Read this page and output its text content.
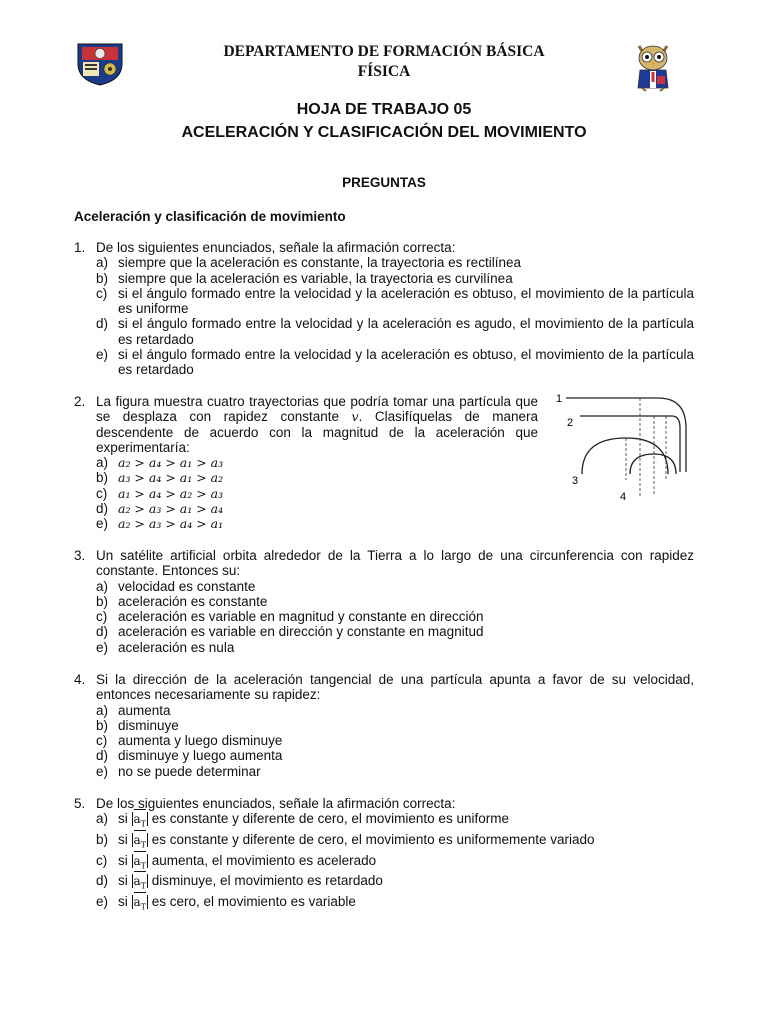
DEPARTAMENTO DE FORMACIÓN BÁSICA
FÍSICA
HOJA DE TRABAJO 05
ACELERACIÓN Y CLASIFICACIÓN DEL MOVIMIENTO
PREGUNTAS
Aceleración y clasificación de movimiento
1. De los siguientes enunciados, señale la afirmación correcta:
a) siempre que la aceleración es constante, la trayectoria es rectilínea
b) siempre que la aceleración es variable, la trayectoria es curvilínea
c) si el ángulo formado entre la velocidad y la aceleración es obtuso, el movimiento de la partícula es uniforme
d) si el ángulo formado entre la velocidad y la aceleración es agudo, el movimiento de la partícula es retardado
e) si el ángulo formado entre la velocidad y la aceleración es obtuso, el movimiento de la partícula es retardado
2. La figura muestra cuatro trayectorias que podría tomar una partícula que se desplaza con rapidez constante v. Clasifíquelas de manera descendente de acuerdo con la magnitud de la aceleración que experimentaría:
a) a₂ > a₄ > a₁ > a₃
b) a₃ > a₄ > a₁ > a₂
c) a₁ > a₄ > a₂ > a₃
d) a₂ > a₃ > a₁ > a₄
e) a₂ > a₃ > a₄ > a₁
1
2
3
4
3. Un satélite artificial orbita alrededor de la Tierra a lo largo de una circunferencia con rapidez constante. Entonces su:
a) velocidad es constante
b) aceleración es constante
c) aceleración es variable en magnitud y constante en dirección
d) aceleración es variable en dirección y constante en magnitud
e) aceleración es nula
4. Si la dirección de la aceleración tangencial de una partícula apunta a favor de su velocidad, entonces necesariamente su rapidez:
a) aumenta
b) disminuye
c) aumenta y luego disminuye
d) disminuye y luego aumenta
e) no se puede determinar
5. De los siguientes enunciados, señale la afirmación correcta:
a) si $a_T$ es constante y diferente de cero, el movimiento es uniforme
b) si $a_T$ es constante y diferente de cero, el movimiento es uniformemente variado
c) si $a_T$ aumenta, el movimiento es acelerado
d) si $a_T$ disminuye, el movimiento es retardado
e) si $a_T$ es cero, el movimiento es variable
